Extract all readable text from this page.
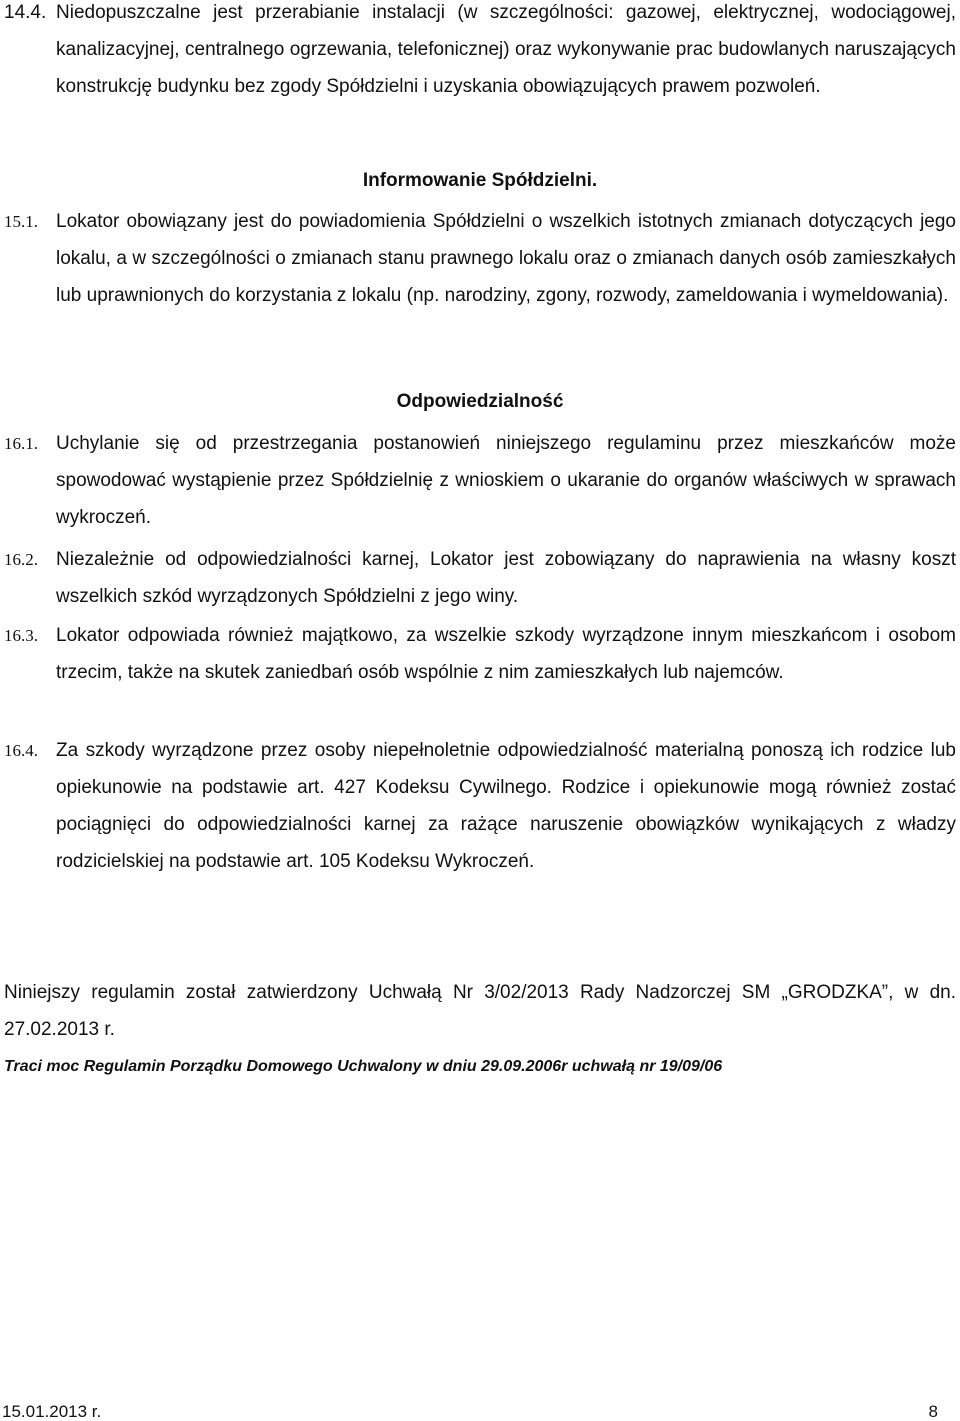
14.4. Niedopuszczalne jest przerabianie instalacji (w szczególności: gazowej, elektrycznej, wodociągowej, kanalizacyjnej, centralnego ogrzewania, telefonicznej) oraz wykonywanie prac budowlanych naruszających konstrukcję budynku bez zgody Spółdzielni i uzyskania obowiązujących prawem pozwoleń.
Informowanie Spółdzielni.
15.1. Lokator obowiązany jest do powiadomienia Spółdzielni o wszelkich istotnych zmianach dotyczących jego lokalu, a w szczególności o zmianach stanu prawnego lokalu oraz o zmianach danych osób zamieszkałych lub uprawnionych do korzystania z lokalu (np. narodziny, zgony, rozwody, zameldowania i wymeldowania).
Odpowiedzialność
16.1. Uchylanie się od przestrzegania postanowień niniejszego regulaminu przez mieszkańców może spowodować wystąpienie przez Spółdzielnię z wnioskiem o ukaranie do organów właściwych w sprawach wykroczeń.
16.2. Niezależnie od odpowiedzialności karnej, Lokator jest zobowiązany do naprawienia na własny koszt wszelkich szkód wyrządzonych Spółdzielni z jego winy.
16.3. Lokator odpowiada również majątkowo, za wszelkie szkody wyrządzone innym mieszkańcom i osobom trzecim, także na skutek zaniedbań osób wspólnie z nim zamieszkałych lub najemców.
16.4. Za szkody wyrządzone przez osoby niepełnoletnie odpowiedzialność materialną ponoszą ich rodzice lub opiekunowie na podstawie art. 427 Kodeksu Cywilnego. Rodzice i opiekunowie mogą również zostać pociągnięci do odpowiedzialności karnej za rażące naruszenie obowiązków wynikających z władzy rodzicielskiej na podstawie art. 105 Kodeksu Wykroczeń.
Niniejszy regulamin został zatwierdzony Uchwałą Nr 3/02/2013 Rady Nadzorczej SM „GRODZKA”, w dn. 27.02.2013 r.
Traci moc Regulamin Porządku Domowego Uchwalony w dniu 29.09.2006r uchwałą nr 19/09/06
15.01.2013 r.	8
